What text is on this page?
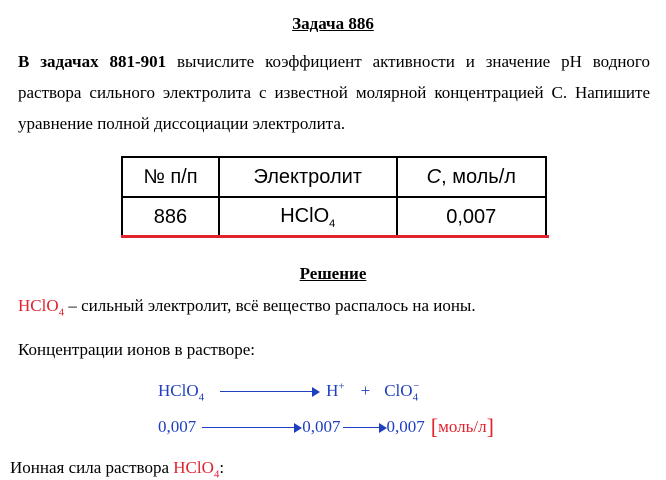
Задача 886
В задачах 881-901 вычислите коэффициент активности и значение pH водного раствора сильного электролита с известной молярной концентрацией С. Напишите уравнение полной диссоциации электролита.
№ п/п	Электролит	С, моль/л
886	HClO$_4$	0,007
Решение
HClO$_4$ – сильный электролит, всё вещество распалось на ионы.
Концентрации ионов в растворе:
HClO$_4$	H+ + ClO$_4$−
0,007	0,007	0,007 [моль/л]
Ионная сила раствора HClO$_4$:
